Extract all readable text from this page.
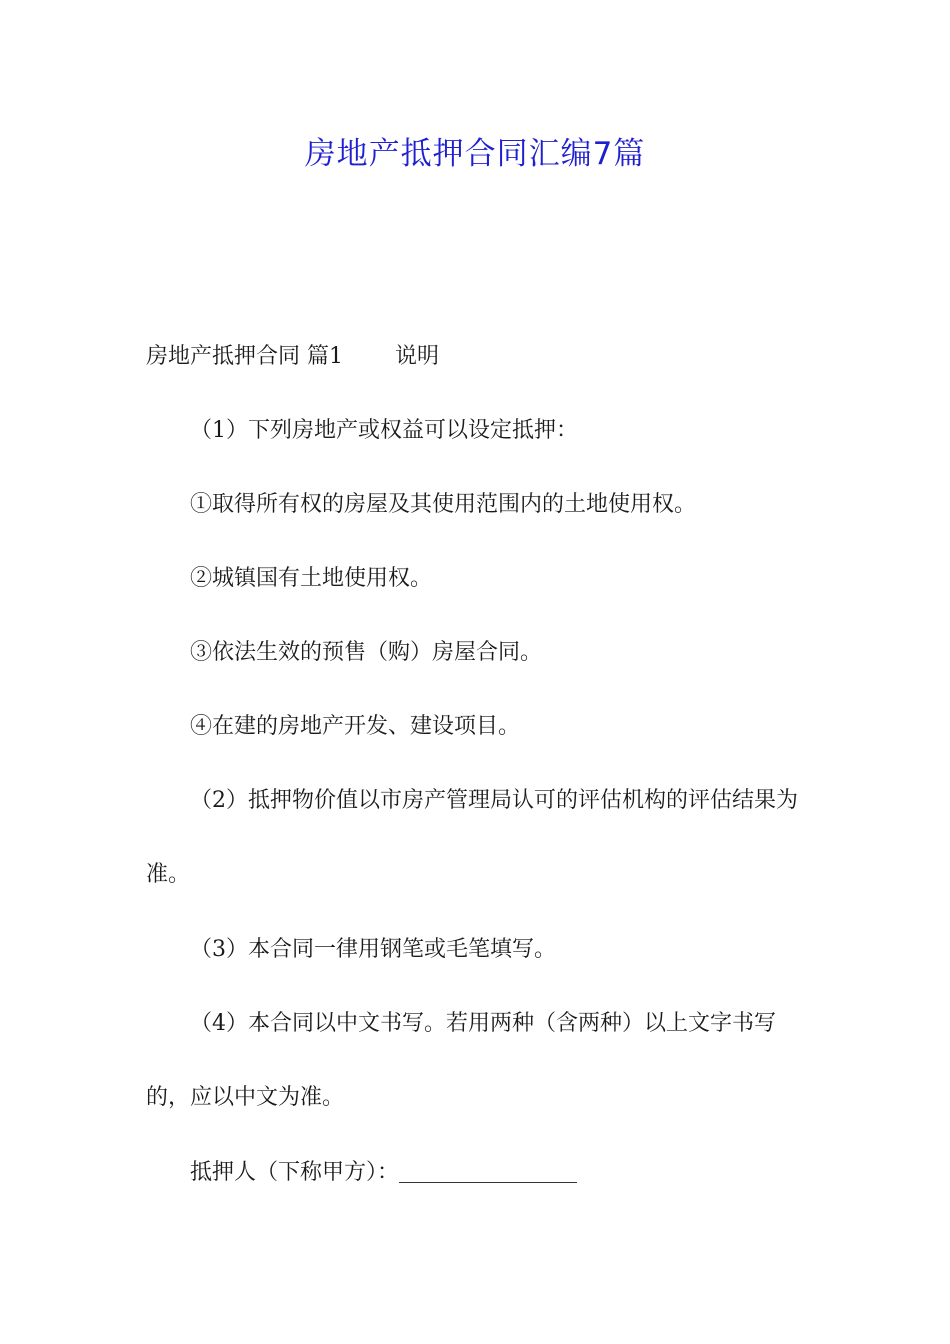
房地产抵押合同汇编7篇

房地产抵押合同 篇1 说明

（1）下列房地产或权益可以设定抵押：

①取得所有权的房屋及其使用范围内的土地使用权。

②城镇国有土地使用权。

③依法生效的预售（购）房屋合同。

④在建的房地产开发、建设项目。

（2）抵押物价值以市房产管理局认可的评估机构的评估结果为准。

（3）本合同一律用钢笔或毛笔填写。

（4）本合同以中文书写。若用两种（含两种）以上文字书写的，应以中文为准。

抵押人（下称甲方）：
